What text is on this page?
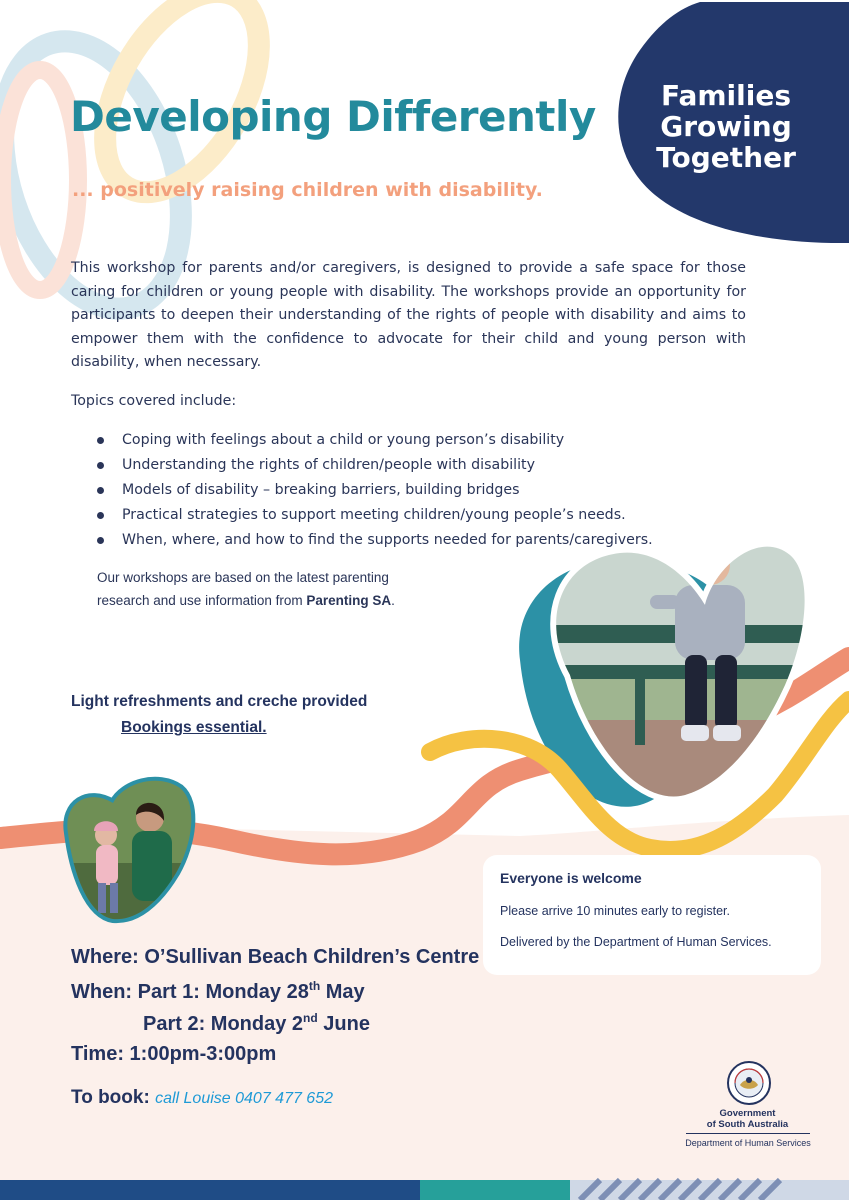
Developing Differently

... positively raising children with disability.

Families
Growing
Together

This workshop for parents and/or caregivers, is designed to provide a safe space for those caring for children or young people with disability. The workshops provide an opportunity for participants to deepen their understanding of the rights of people with disability and aims to empower them with the confidence to advocate for their child and young person with disability, when necessary.

Topics covered include:

Coping with feelings about a child or young person’s disability
Understanding the rights of children/people with disability
Models of disability – breaking barriers, building bridges
Practical strategies to support meeting children/young people’s needs.
When, where, and how to find the supports needed for parents/caregivers.
Our workshops are based on the latest parenting
research and use information from Parenting SA.

Light refreshments and creche provided

Bookings essential.

Everyone is welcome

Please arrive 10 minutes early to register.

Delivered by the Department of Human Services.

Where: O’Sullivan Beach Children’s Centre

When: Part 1: Monday 28th May

Part 2: Monday 2nd June

Time: 1:00pm-3:00pm

To book: call Louise 0407 477 652

Government
of South Australia

Department of Human Services
